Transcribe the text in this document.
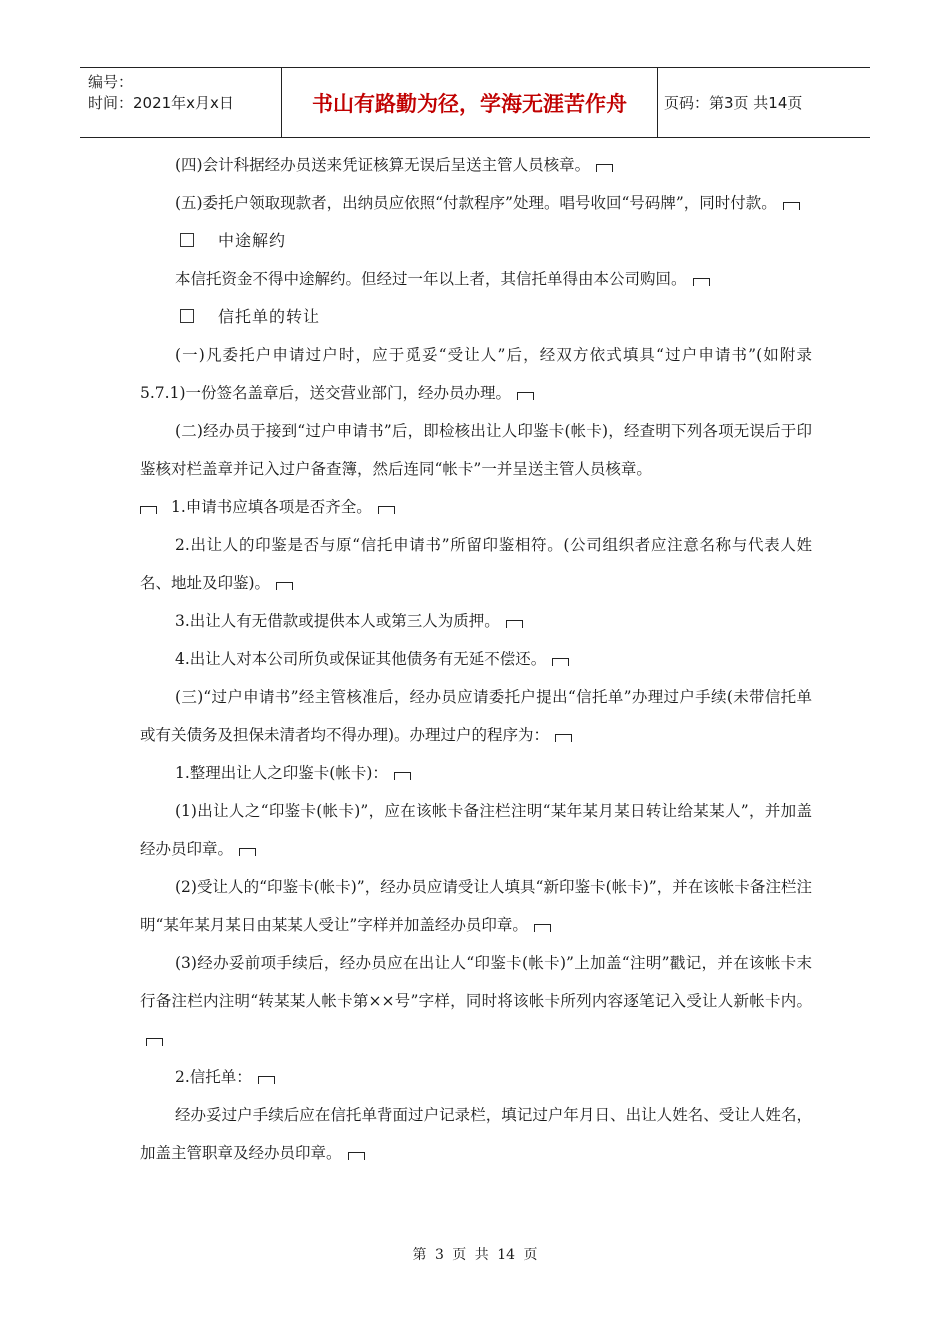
编号：
时间：2021年x月x日	书山有路勤为径，学海无涯苦作舟	页码：第3页 共14页

(四)会计科据经办员送来凭证核算无误后呈送主管人员核章。

(五)委托户领取现款者，出纳员应依照“付款程序”处理。唱号收回“号码牌”，同时付款。

中途解约

本信托资金不得中途解约。但经过一年以上者，其信托单得由本公司购回。

信托单的转让

(一)凡委托户申请过户时，应于觅妥“受让人”后，经双方依式填具“过户申请书”(如附录5.7.1)一份签名盖章后，送交营业部门，经办员办理。

(二)经办员于接到“过户申请书”后，即检核出让人印鉴卡(帐卡)，经查明下列各项无误后于印鉴核对栏盖章并记入过户备查簿，然后连同“帐卡”一并呈送主管人员核章。

1.申请书应填各项是否齐全。

2.出让人的印鉴是否与原“信托申请书”所留印鉴相符。(公司组织者应注意名称与代表人姓名、地址及印鉴)。

3.出让人有无借款或提供本人或第三人为质押。

4.出让人对本公司所负或保证其他债务有无延不偿还。

(三)“过户申请书”经主管核准后，经办员应请委托户提出“信托单”办理过户手续(未带信托单或有关债务及担保未清者均不得办理)。办理过户的程序为：

1.整理出让人之印鉴卡(帐卡)：

(1)出让人之“印鉴卡(帐卡)”，应在该帐卡备注栏注明“某年某月某日转让给某某人”，并加盖经办员印章。

(2)受让人的“印鉴卡(帐卡)”，经办员应请受让人填具“新印鉴卡(帐卡)”，并在该帐卡备注栏注明“某年某月某日由某某人受让”字样并加盖经办员印章。

(3)经办妥前项手续后，经办员应在出让人“印鉴卡(帐卡)”上加盖“注明”戳记，并在该帐卡末行备注栏内注明“转某某人帐卡第××号”字样，同时将该帐卡所列内容逐笔记入受让人新帐卡内。

2.信托单：

经办妥过户手续后应在信托单背面过户记录栏，填记过户年月日、出让人姓名、受让人姓名，加盖主管职章及经办员印章。

第 3 页 共 14 页
